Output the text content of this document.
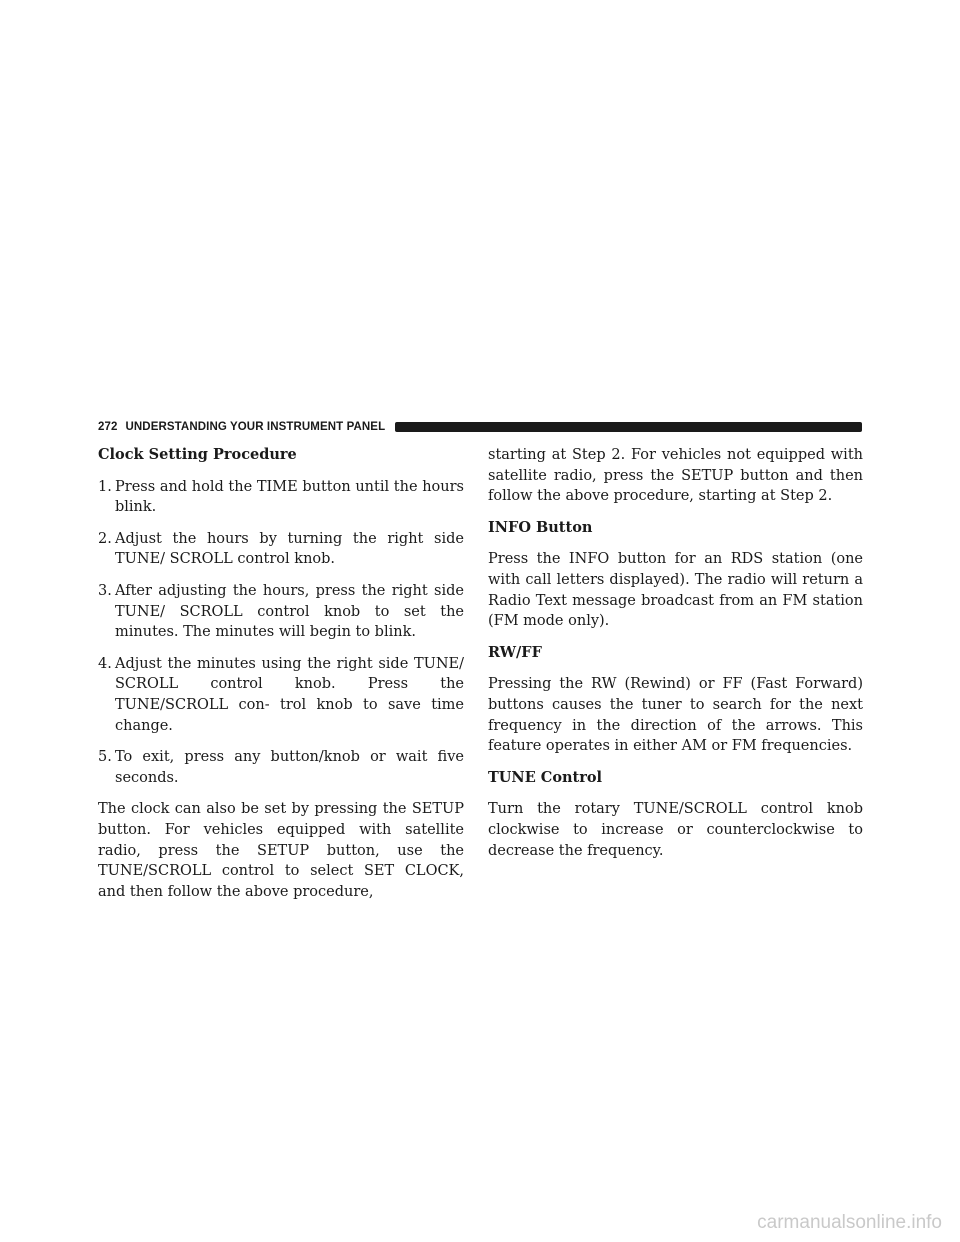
272 UNDERSTANDING YOUR INSTRUMENT PANEL

Clock Setting Procedure

1 . Press and hold the TIME button until the hours blink.
2 . Adjust the hours by turning the right side TUNE/ SCROLL control knob.
3 . After adjusting the hours, press the right side TUNE/ SCROLL control knob to set the minutes. The minutes will begin to blink.
4 . Adjust the minutes using the right side TUNE/ SCROLL control knob. Press the TUNE/SCROLL con- trol knob to save time change.
5 . To exit, press any button/knob or wait five seconds.

The clock can also be set by pressing the SETUP button. For vehicles equipped with satellite radio, press the SETUP button, use the TUNE/SCROLL control to select SET CLOCK, and then follow the above procedure,

starting at Step 2. For vehicles not equipped with satellite radio, press the SETUP button and then follow the above procedure, starting at Step 2.

INFO Button

Press the INFO button for an RDS station (one with call letters displayed). The radio will return a Radio Text message broadcast from an FM station (FM mode only).

RW/FF

Pressing the RW (Rewind) or FF (Fast Forward) buttons causes the tuner to search for the next frequency in the direction of the arrows. This feature operates in either AM or FM frequencies.

TUNE Control

Turn the rotary TUNE/SCROLL control knob clockwise to increase or counterclockwise to decrease the frequency.

carmanualsonline.info
